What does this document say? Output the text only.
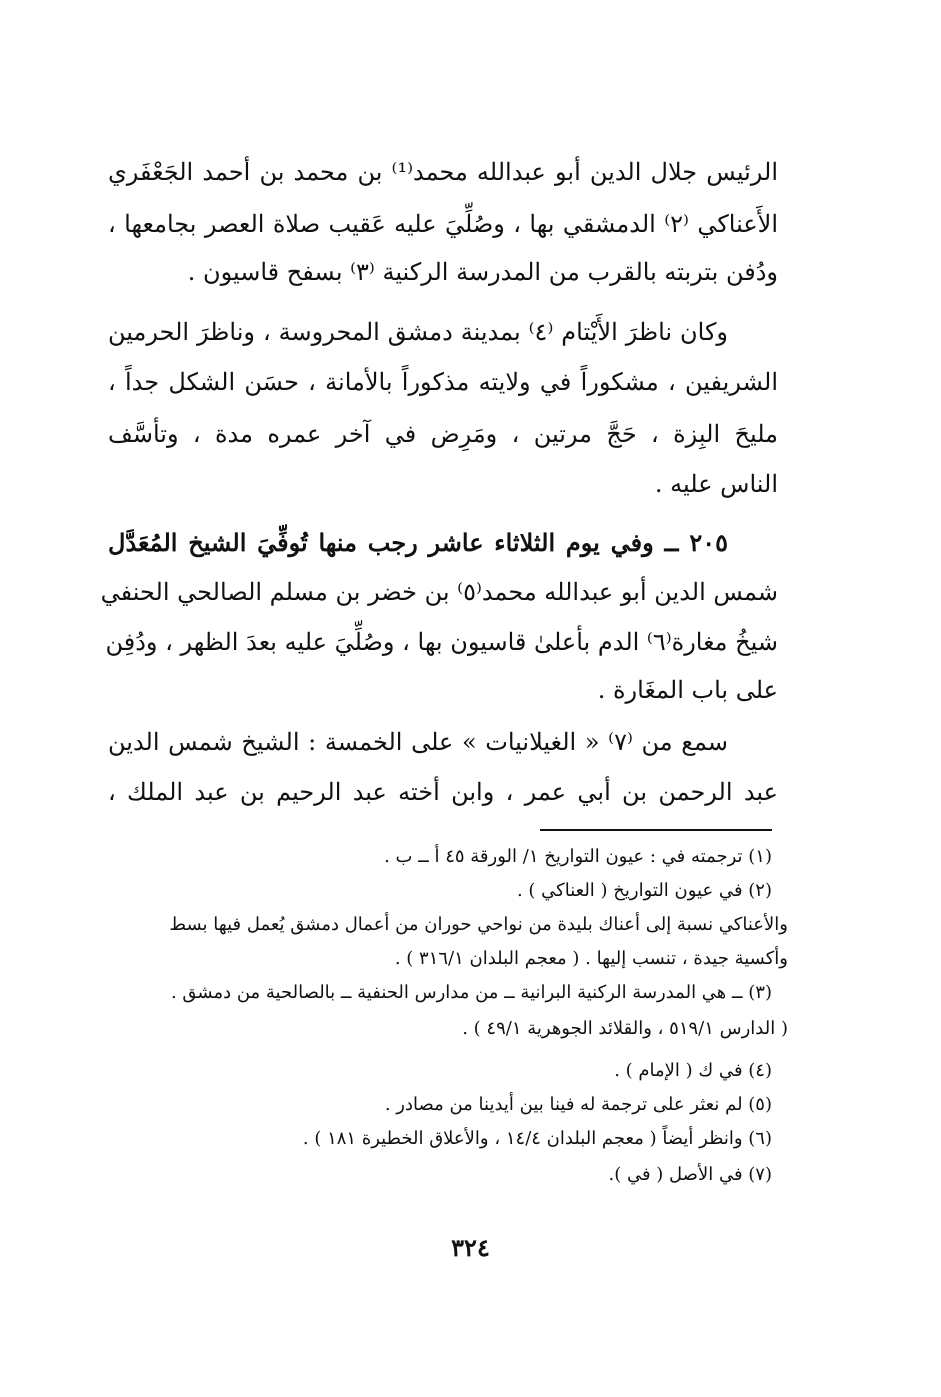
الرئيس جلال الدين أبو عبدالله محمد⁽¹⁾ بن محمد بن أحمد الجَعْفَري
الأَعناكي ⁽٢⁾ الدمشقي بها ، وصُلِّيَ عليه عَقيب صلاة العصر بجامعها ،
ودُفن بتربته بالقرب من المدرسة الركنية ⁽٣⁾ بسفح قاسيون .
وكان ناظرَ الأَيْتام ⁽٤⁾ بمدينة دمشق المحروسة ، وناظرَ الحرمين
الشريفين ، مشكوراً في ولايته مذكوراً بالأمانة ، حسَن الشكل جداً ،
مليحَ البِزة ، حَجَّ مرتين ، ومَرِض في آخر عمره مدة ، وتأسَّف
الناس عليه .
٢٠٥ ــ وفي يوم الثلاثاء عاشر رجب منها تُوفِّيَ الشيخ المُعَدَّل
شمس الدين أبو عبدالله محمد⁽٥⁾ بن خضر بن مسلم الصالحي الحنفي
شيخُ مغارة⁽٦⁾ الدم بأعلىٰ قاسيون بها ، وصُلِّيَ عليه بعدَ الظهر ، ودُفِن
على باب المغَارة .
سمع من ⁽٧⁾ « الغيلانيات » على الخمسة : الشيخ شمس الدين
عبد الرحمن بن أبي عمر ، وابن أخته عبد الرحيم بن عبد الملك ،
(١) ترجمته في : عيون التواريخ ١/ الورقة ٤٥ أ ــ ب .
(٢) في عيون التواريخ ( العناكي ) .
والأعناكي نسبة إلى أعناك بليدة من نواحي حوران من أعمال دمشق يُعمل فيها بسط
وأكسية جيدة ، تنسب إليها . ( معجم البلدان ٣١٦/١ ) .
(٣) ــ هي المدرسة الركنية البرانية ــ من مدارس الحنفية ــ بالصالحية من دمشق .
( الدارس ٥١٩/١ ، والقلائد الجوهرية ٤٩/١ ) .
(٤) في ك ( الإمام ) .
(٥) لم نعثر على ترجمة له فينا بين أيدينا من مصادر .
(٦) وانظر أيضاً ( معجم البلدان ١٤/٤ ، والأعلاق الخطيرة ١٨١ ) .
(٧) في الأصل ( في ).
٣٢٤
